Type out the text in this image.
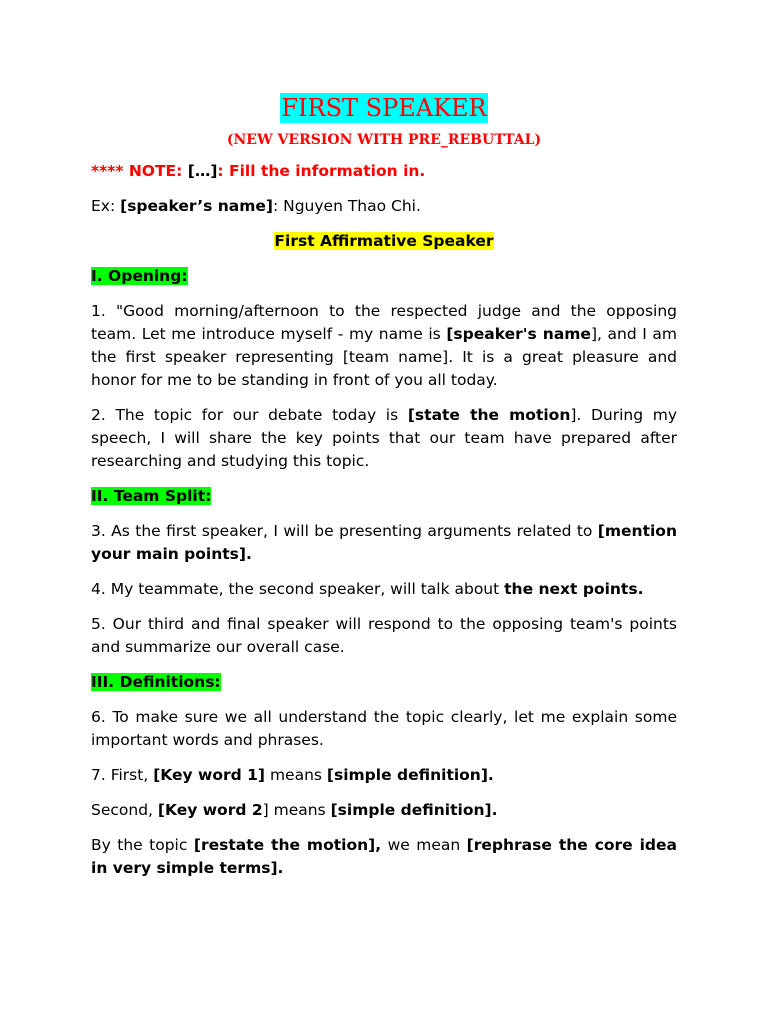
FIRST SPEAKER
(NEW VERSION WITH PRE_REBUTTAL)

**** NOTE: […]: Fill the information in.

Ex: [speaker’s name]: Nguyen Thao Chi.

First Affirmative Speaker

I. Opening:

1. "Good morning/afternoon to the respected judge and the opposing team. Let me introduce myself - my name is [speaker's name], and I am the first speaker representing [team name]. It is a great pleasure and honor for me to be standing in front of you all today.

2. The topic for our debate today is [state the motion]. During my speech, I will share the key points that our team have prepared after researching and studying this topic.

II. Team Split:

3. As the first speaker, I will be presenting arguments related to [mention your main points].

4. My teammate, the second speaker, will talk about the next points.

5. Our third and final speaker will respond to the opposing team's points and summarize our overall case.

III. Definitions:

6. To make sure we all understand the topic clearly, let me explain some important words and phrases.

7. First, [Key word 1] means [simple definition].

Second, [Key word 2] means [simple definition].

By the topic [restate the motion], we mean [rephrase the core idea in very simple terms].
